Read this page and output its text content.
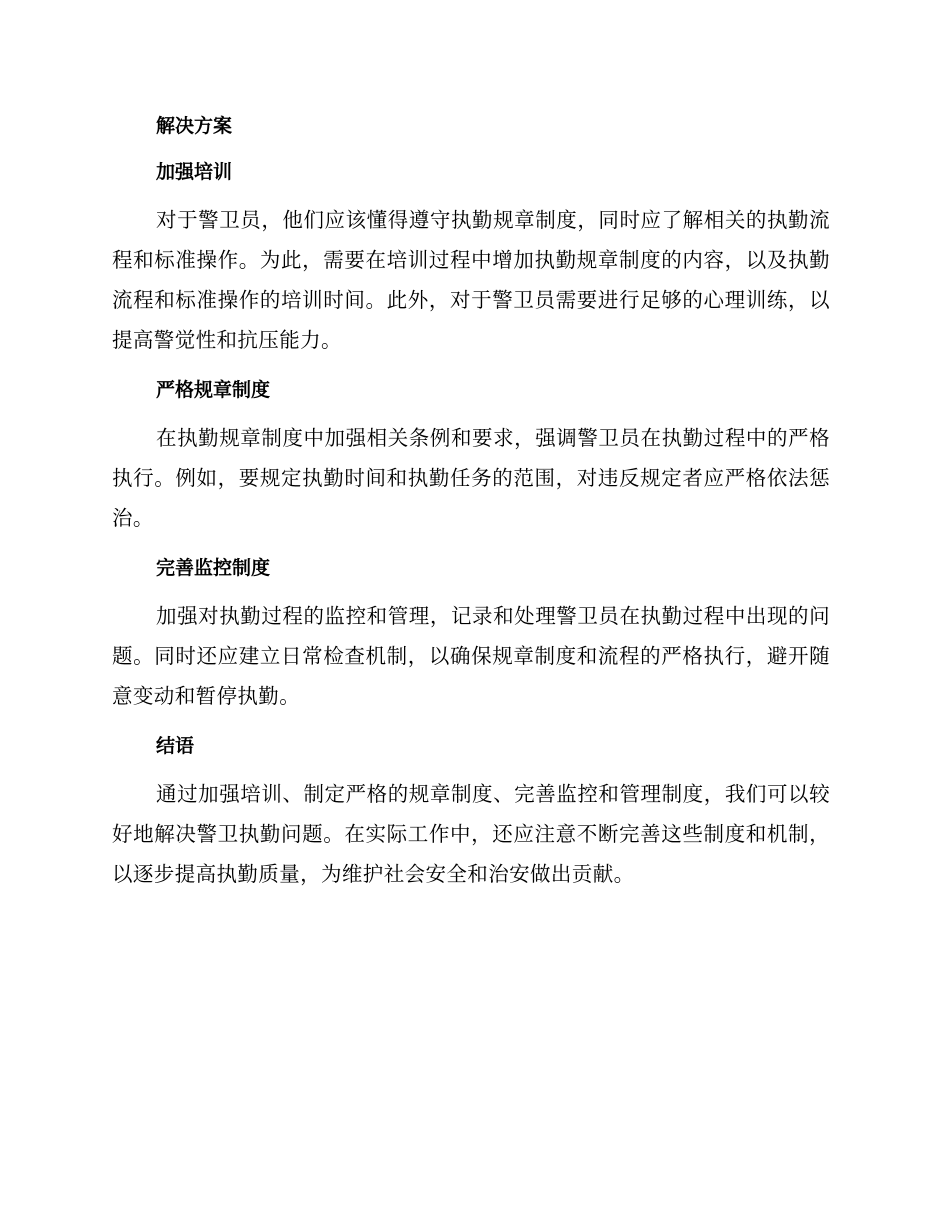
解决方案
加强培训

对于警卫员，他们应该懂得遵守执勤规章制度，同时应了解相关的执勤流程和标准操作。为此，需要在培训过程中增加执勤规章制度的内容，以及执勤流程和标准操作的培训时间。此外，对于警卫员需要进行足够的心理训练，以提高警觉性和抗压能力。

严格规章制度

在执勤规章制度中加强相关条例和要求，强调警卫员在执勤过程中的严格执行。例如，要规定执勤时间和执勤任务的范围，对违反规定者应严格依法惩治。

完善监控制度

加强对执勤过程的监控和管理，记录和处理警卫员在执勤过程中出现的问题。同时还应建立日常检查机制，以确保规章制度和流程的严格执行，避开随意变动和暂停执勤。

结语

通过加强培训、制定严格的规章制度、完善监控和管理制度，我们可以较好地解决警卫执勤问题。在实际工作中，还应注意不断完善这些制度和机制，以逐步提高执勤质量，为维护社会安全和治安做出贡献。
